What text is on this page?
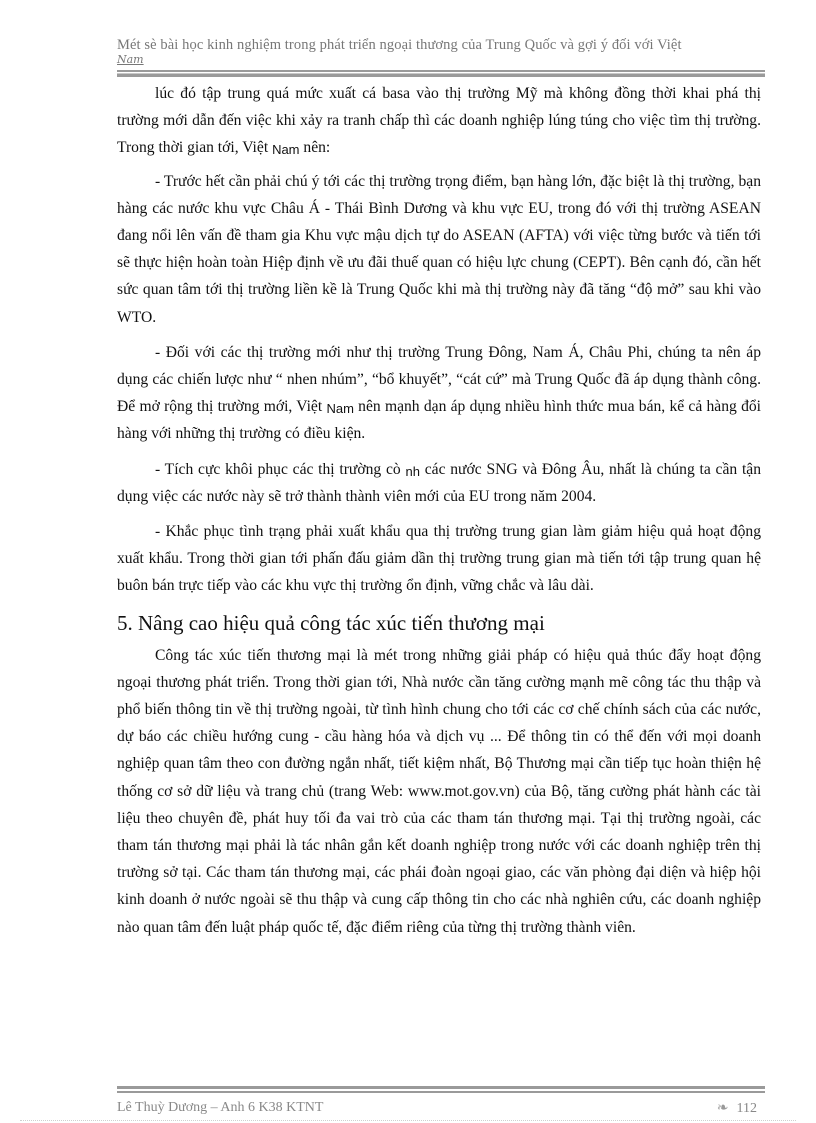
Mét sè bài học kinh nghiệm trong phát triển ngoại thương của Trung Quốc và gợi ý đối với Việt
Nam

lúc đó tập trung quá mức xuất cá basa vào thị trường Mỹ mà không đồng thời khai phá thị trường mới dẫn đến việc khi xảy ra tranh chấp thì các doanh nghiệp lúng túng cho việc tìm thị trường. Trong thời gian tới, Việt Nam nên:

- Trước hết cần phải chú ý tới các thị trường trọng điểm, bạn hàng lớn, đặc biệt là thị trường, bạn hàng các nước khu vực Châu Á - Thái Bình Dương và khu vực EU, trong đó với thị trường ASEAN đang nổi lên vấn đề tham gia Khu vực mậu dịch tự do ASEAN (AFTA) với việc từng bước và tiến tới sẽ thực hiện hoàn toàn Hiệp định về ưu đãi thuế quan có hiệu lực chung (CEPT). Bên cạnh đó, cần hết sức quan tâm tới thị trường liền kề là Trung Quốc khi mà thị trường này đã tăng “độ mở” sau khi vào WTO.

- Đối với các thị trường mới như thị trường Trung Đông, Nam Á, Châu Phi, chúng ta nên áp dụng các chiến lược như “ nhen nhúm”, “bổ khuyết”, “cát cứ” mà Trung Quốc đã áp dụng thành công. Để mở rộng thị trường mới, Việt Nam nên mạnh dạn áp dụng nhiều hình thức mua bán, kể cả hàng đổi hàng với những thị trường có điều kiện.

- Tích cực khôi phục các thị trường cò nh các nước SNG và Đông Âu, nhất là chúng ta cần tận dụng việc các nước này sẽ trở thành thành viên mới của EU trong năm 2004.

- Khắc phục tình trạng phải xuất khẩu qua thị trường trung gian làm giảm hiệu quả hoạt động xuất khẩu. Trong thời gian tới phấn đấu giảm dần thị trường trung gian mà tiến tới tập trung quan hệ buôn bán trực tiếp vào các khu vực thị trường ổn định, vững chắc và lâu dài.

5. Nâng cao hiệu quả công tác xúc tiến thương mại

Công tác xúc tiến thương mại là mét trong những giải pháp có hiệu quả thúc đẩy hoạt động ngoại thương phát triển. Trong thời gian tới, Nhà nước cần tăng cường mạnh mẽ công tác thu thập và phổ biến thông tin về thị trường ngoài, từ tình hình chung cho tới các cơ chế chính sách của các nước, dự báo các chiều hướng cung - cầu hàng hóa và dịch vụ ... Để thông tin có thể đến với mọi doanh nghiệp quan tâm theo con đường ngắn nhất, tiết kiệm nhất, Bộ Thương mại cần tiếp tục hoàn thiện hệ thống cơ sở dữ liệu và trang chủ (trang Web: www.mot.gov.vn) của Bộ, tăng cường phát hành các tài liệu theo chuyên đề, phát huy tối đa vai trò của các tham tán thương mại. Tại thị trường ngoài, các tham tán thương mại phải là tác nhân gắn kết doanh nghiệp trong nước với các doanh nghiệp trên thị trường sở tại. Các tham tán thương mại, các phái đoàn ngoại giao, các văn phòng đại diện và hiệp hội kinh doanh ở nước ngoài sẽ thu thập và cung cấp thông tin cho các nhà nghiên cứu, các doanh nghiệp nào quan tâm đến luật pháp quốc tế, đặc điểm riêng của từng thị trường thành viên.

Lê Thuỳ Dương – Anh 6 K38 KTNT	❧ 112
